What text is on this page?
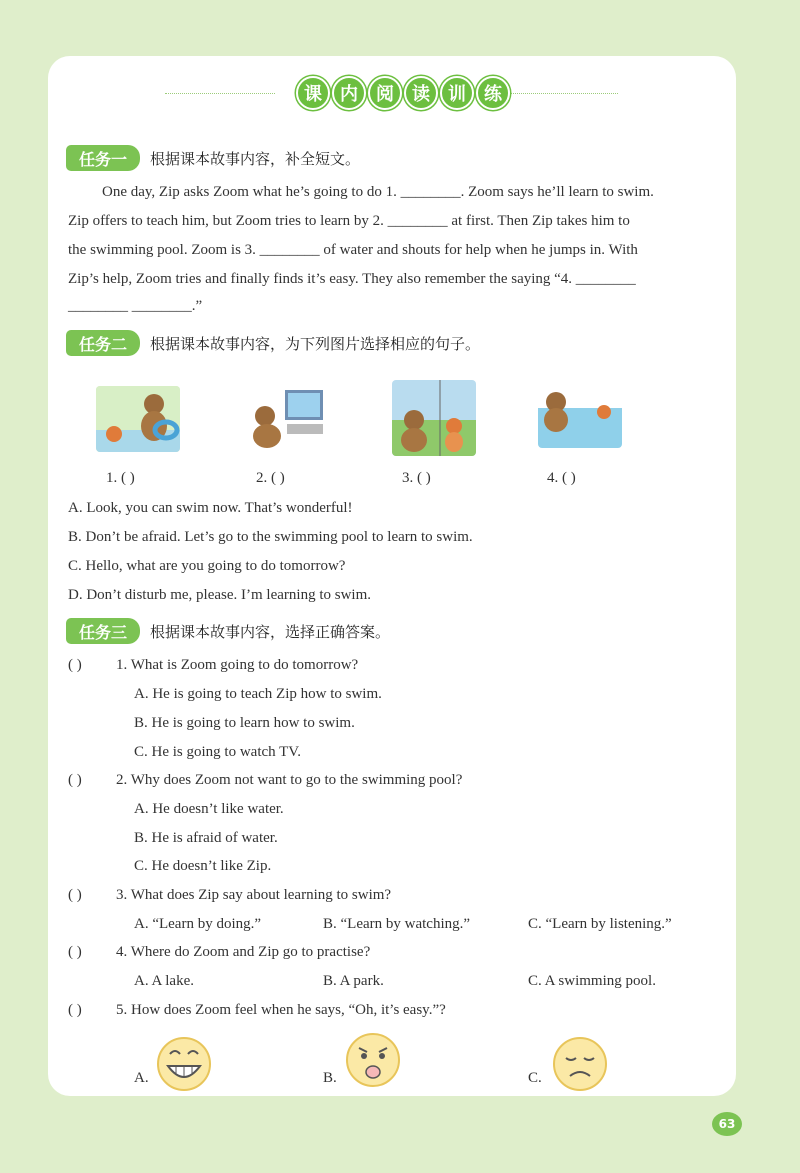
课	内	阅	读	训	练
任务一	根据课本故事内容，补全短文。
One day, Zip asks Zoom what he’s going to do 1. ________. Zoom says he’ll learn to swim.
Zip offers to teach him, but Zoom tries to learn by 2. ________ at first. Then Zip takes him to
the swimming pool. Zoom is 3. ________ of water and shouts for help when he jumps in. With
Zip’s help, Zoom tries and finally finds it’s easy. They also remember the saying “4. ________
________ ________.”
任务二	根据课本故事内容，为下列图片选择相应的句子。
1. ( )	2. ( )	3. ( )	4. ( )
A. Look, you can swim now. That’s wonderful!
B. Don’t be afraid. Let’s go to the swimming pool to learn to swim.
C. Hello, what are you going to do tomorrow?
D. Don’t disturb me, please. I’m learning to swim.
任务三	根据课本故事内容，选择正确答案。
( ) 1. What is Zoom going to do tomorrow?
A. He is going to teach Zip how to swim.
B. He is going to learn how to swim.
C. He is going to watch TV.
( ) 2. Why does Zoom not want to go to the swimming pool?
A. He doesn’t like water.
B. He is afraid of water.
C. He doesn’t like Zip.
( ) 3. What does Zip say about learning to swim?
A. “Learn by doing.”	B. “Learn by watching.”	C. “Learn by listening.”
( ) 4. Where do Zoom and Zip go to practise?
A. A lake.	B. A park.	C. A swimming pool.
( ) 5. How does Zoom feel when he says, “Oh, it’s easy.”?
A.	B.	C.
63
